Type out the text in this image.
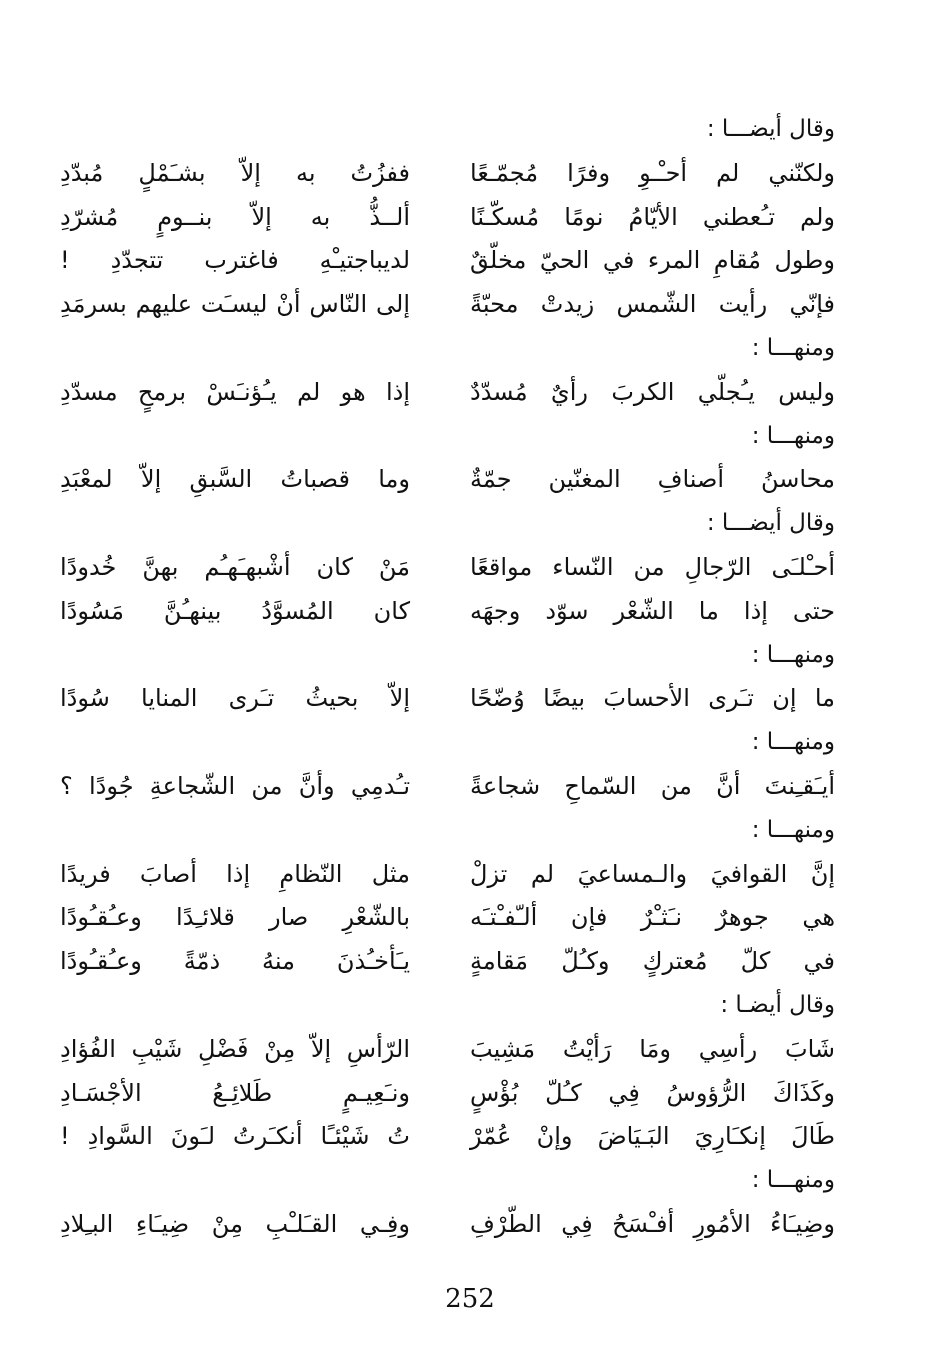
وقال أيضـــا :
ولكنّني لم أحـْـوِ وفرًا مُجمّـعًاففزُتُ به إلاّ بشـَمْلٍ مُبدّدِ
ولم تـُعطني الأيّامُ نومًا مُسكّـنًاألــذُّ به إلاّ بنــومٍ مُشرّدِ
وطول مُقامِ المرء في الحيّ مخلّقٌلديباجتيـْهِ فاغترب تتجدّدِ !
فإنّي رأيت الشّمس زيدتْ محبّةًإلى النّاس أنْ ليسـَت عليهم بسرمَدِ
ومنهـــا :
وليس يـُجلّي الكربَ رأيٌ مُسدّدٌإذا هو لم يـُؤنـَسْ برمحٍ مسدّدِ
ومنهـــا :
محاسنُ أصنافِ المغنّين جمّةٌوما قصباتُ السَّبقِ إلاّ لمعْبَدِ
وقال أيضـــا :
أحـْلـَى الرّجالِ من النّساء مواقعًامَنْ كان أشْبهـَهـُم بهنَّ خُدودًا
حتى إذا ما الشّعْر سوّد وجهَهكان المُسوَّدُ بينهـُنَّ مَسُودًا
ومنهـــا :
ما إن تـَرى الأحسابَ بيضًا وُضّحًاإلاّ بحيثُ تـَرى المنايا سُودًا
ومنهـــا :
أيـَقـِنتَ أنَّ من السّماحِ شجاعةًتـُدمِي وأنَّ من الشّجاعةِ جُودًا ؟
ومنهـــا :
إنَّ القوافيَ والـمساعيَ لم تزلْمثل النّظامِ إذا أصابَ فريدًا
هي جوهرٌ نـَثـْرٌ فإن ألـّفـْتـَهبالشّعْرِ صار قلائـِدًا وعـُقـُودًا
في كلّ مُعتركٍ وكـُلّ مَقامةٍيـَأخـُذنَ منهُ ذمّةً وعـُقـُودًا
وقال أيضـا :
شَابَ رأسِي ومَا رَأيْتُ مَشِيبَالرّأسِ إلاّ مِنْ فَضْلِ شَيْبِ الفُؤادِ
وكَذَاكَ الرُّؤوسُ فِي كـُلّ بُؤْسٍونـَعِيـمٍ طَلائِـعُ الأجْسَـادِ
طَالَ إنكـَارِيَ البَـيَاضَ وإنْ عُمّرْتُ شَيْئـًا أنكـَرتُ لـَونَ السَّوادِ !
ومنهـــا :
وضِيـَاءُ الأمُورِ أفـْسَحُ فِي الطّرْفِوفِـي القـَلـْبِ مِنْ ضِيـَاءِ البـِلادِ
252
